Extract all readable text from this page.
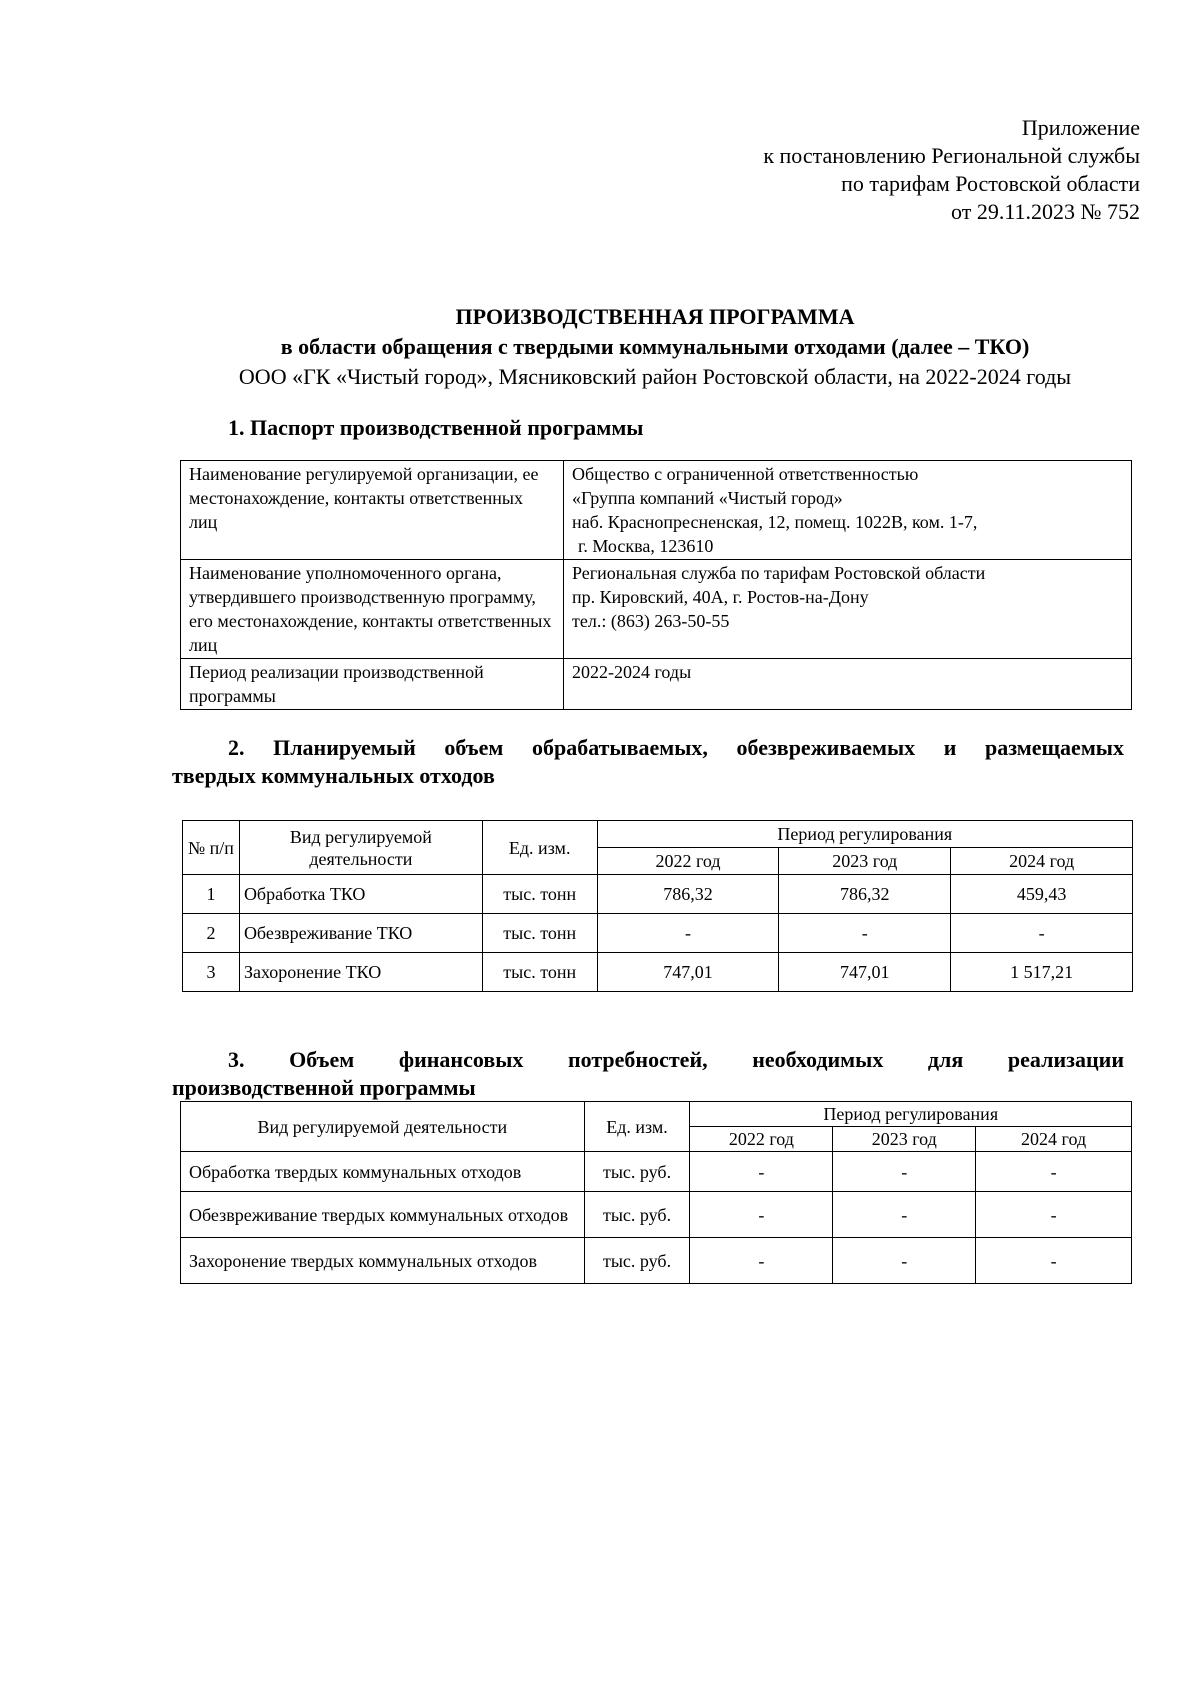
Приложение
к постановлению Региональной службы
по тарифам Ростовской области
от 29.11.2023 № 752
ПРОИЗВОДСТВЕННАЯ ПРОГРАММА
в области обращения с твердыми коммунальными отходами (далее – ТКО)
ООО «ГК «Чистый город», Мясниковский район Ростовской области, на 2022-2024 годы
1. Паспорт производственной программы
Наименование регулируемой организации, ее местонахождение, контакты ответственных лиц	Общество с ограниченной ответственностью
«Группа компаний «Чистый город»
наб. Краснопресненская, 12, помещ. 1022В, ком. 1-7,
г. Москва, 123610

Наименование уполномоченного органа, утвердившего производственную программу, его местонахождение, контакты ответственных лиц	Региональная служба по тарифам Ростовской области
пр. Кировский, 40А, г. Ростов-на-Дону
тел.: (863) 263-50-55

Период реализации производственной программы	2022-2024 годы
2. Планируемый объем обрабатываемых, обезвреживаемых и размещаемых
твердых коммунальных отходов
№ п/п	Вид регулируемой деятельности	Ед. изм.	Период регулирования		
			2022 год	2023 год	2024 год
1	Обработка ТКО	тыс. тонн	786,32	786,32	459,43
2	Обезвреживание ТКО	тыс. тонн	-	-	-
3	Захоронение ТКО	тыс. тонн	747,01	747,01	1 517,21
3. Объем финансовых потребностей, необходимых для реализации
производственной программы
Вид регулируемой деятельности	Ед. изм.	Период регулирования		
		2022 год	2023 год	2024 год
Обработка твердых коммунальных отходов	тыс. руб.	-	-	-
Обезвреживание твердых коммунальных отходов	тыс. руб.	-	-	-
Захоронение твердых коммунальных отходов	тыс. руб.	-	-	-
